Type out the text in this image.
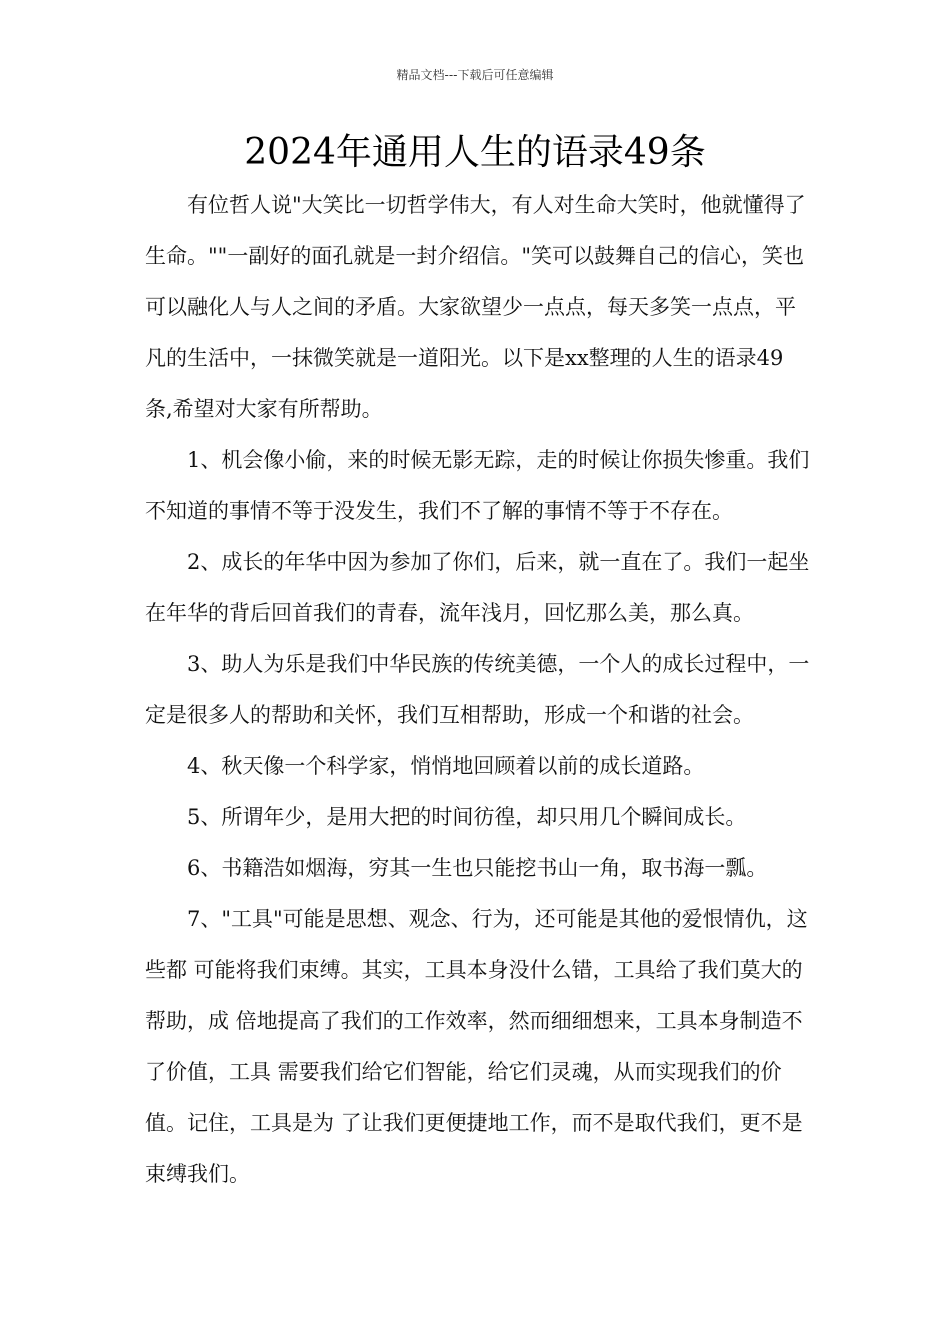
精品文档---下载后可任意编辑
2024年通用人生的语录49条

有位哲人说"大笑比一切哲学伟大，有人对生命大笑时，他就懂得了生命。""一副好的面孔就是一封介绍信。"笑可以鼓舞自己的信心，笑也可以融化人与人之间的矛盾。大家欲望少一点点，每天多笑一点点，平凡的生活中，一抹微笑就是一道阳光。以下是xx整理的人生的语录49条,希望对大家有所帮助。

1、机会像小偷，来的时候无影无踪，走的时候让你损失惨重。我们不知道的事情不等于没发生，我们不了解的事情不等于不存在。

2、成长的年华中因为参加了你们，后来，就一直在了。我们一起坐在年华的背后回首我们的青春，流年浅月，回忆那么美，那么真。

3、助人为乐是我们中华民族的传统美德，一个人的成长过程中，一定是很多人的帮助和关怀，我们互相帮助，形成一个和谐的社会。

4、秋天像一个科学家，悄悄地回顾着以前的成长道路。

5、所谓年少，是用大把的时间彷徨，却只用几个瞬间成长。

6、书籍浩如烟海，穷其一生也只能挖书山一角，取书海一瓢。

7、"工具"可能是思想、观念、行为，还可能是其他的爱恨情仇，这些都 可能将我们束缚。其实，工具本身没什么错，工具给了我们莫大的帮助，成 倍地提高了我们的工作效率，然而细细想来，工具本身制造不了价值，工具 需要我们给它们智能，给它们灵魂，从而实现我们的价值。记住，工具是为 了让我们更便捷地工作，而不是取代我们，更不是束缚我们。
